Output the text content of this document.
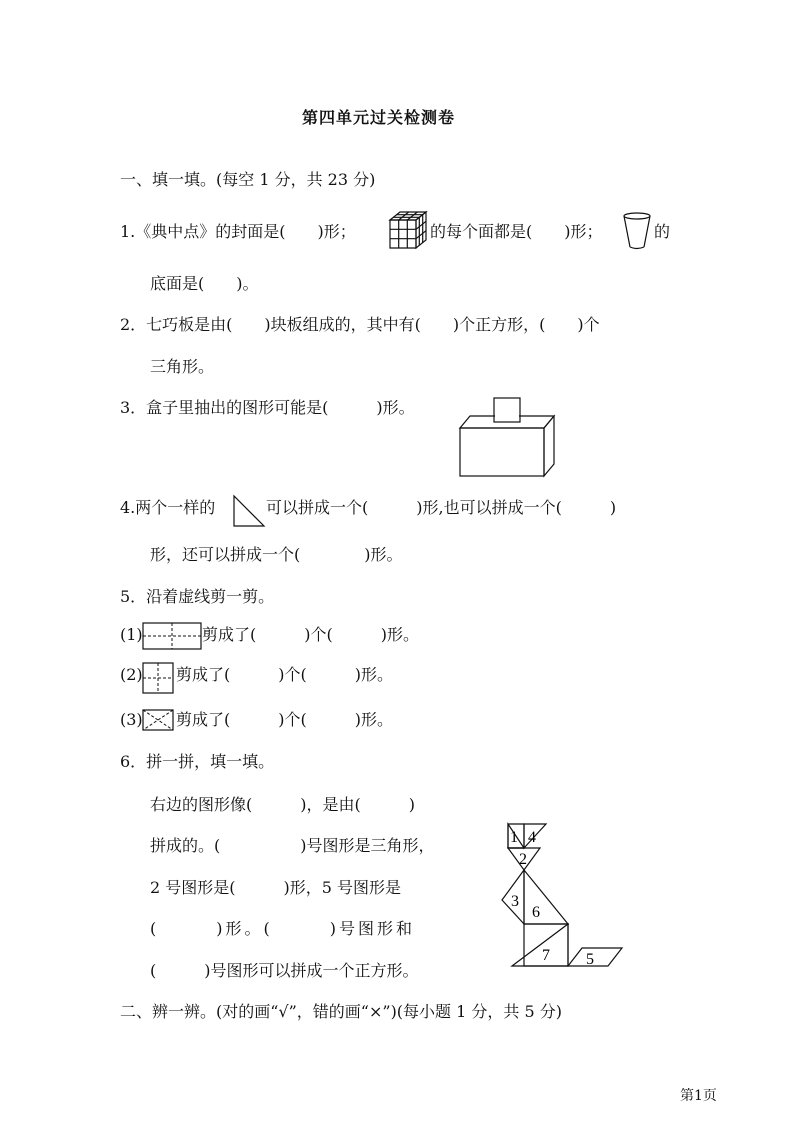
第四单元过关检测卷
一、填一填。(每空 1 分，共 23 分)
1.《典中点》的封面是(　　)形；	的每个面都是(　　)形；	的
底面是(　　)。
2．七巧板是由(　　)块板组成的，其中有(　　)个正方形，(　　)个
三角形。
3．盒子里抽出的图形可能是(　　　)形。
4.两个一样的	可以拼成一个(　　　)形,也可以拼成一个(　　　)
形，还可以拼成一个(　　　　)形。
5．沿着虚线剪一剪。
(1)	剪成了(　　　)个(　　　)形。
(2) 剪成了(　　　)个(　　　)形。
(3) 剪成了(　　　)个(　　　)形。
6．拼一拼，填一填。
右边的图形像(　　　)，是由(　　　)
拼成的。(　　　　　)号图形是三角形，
2 号图形是(　　　)形，5 号图形是
(　　　)形。(　　　)号图形和
(　　　)号图形可以拼成一个正方形。
1 4
2
3
6
7 5
二、辨一辨。(对的画“√”，错的画“×”)(每小题 1 分，共 5 分)
第1页
